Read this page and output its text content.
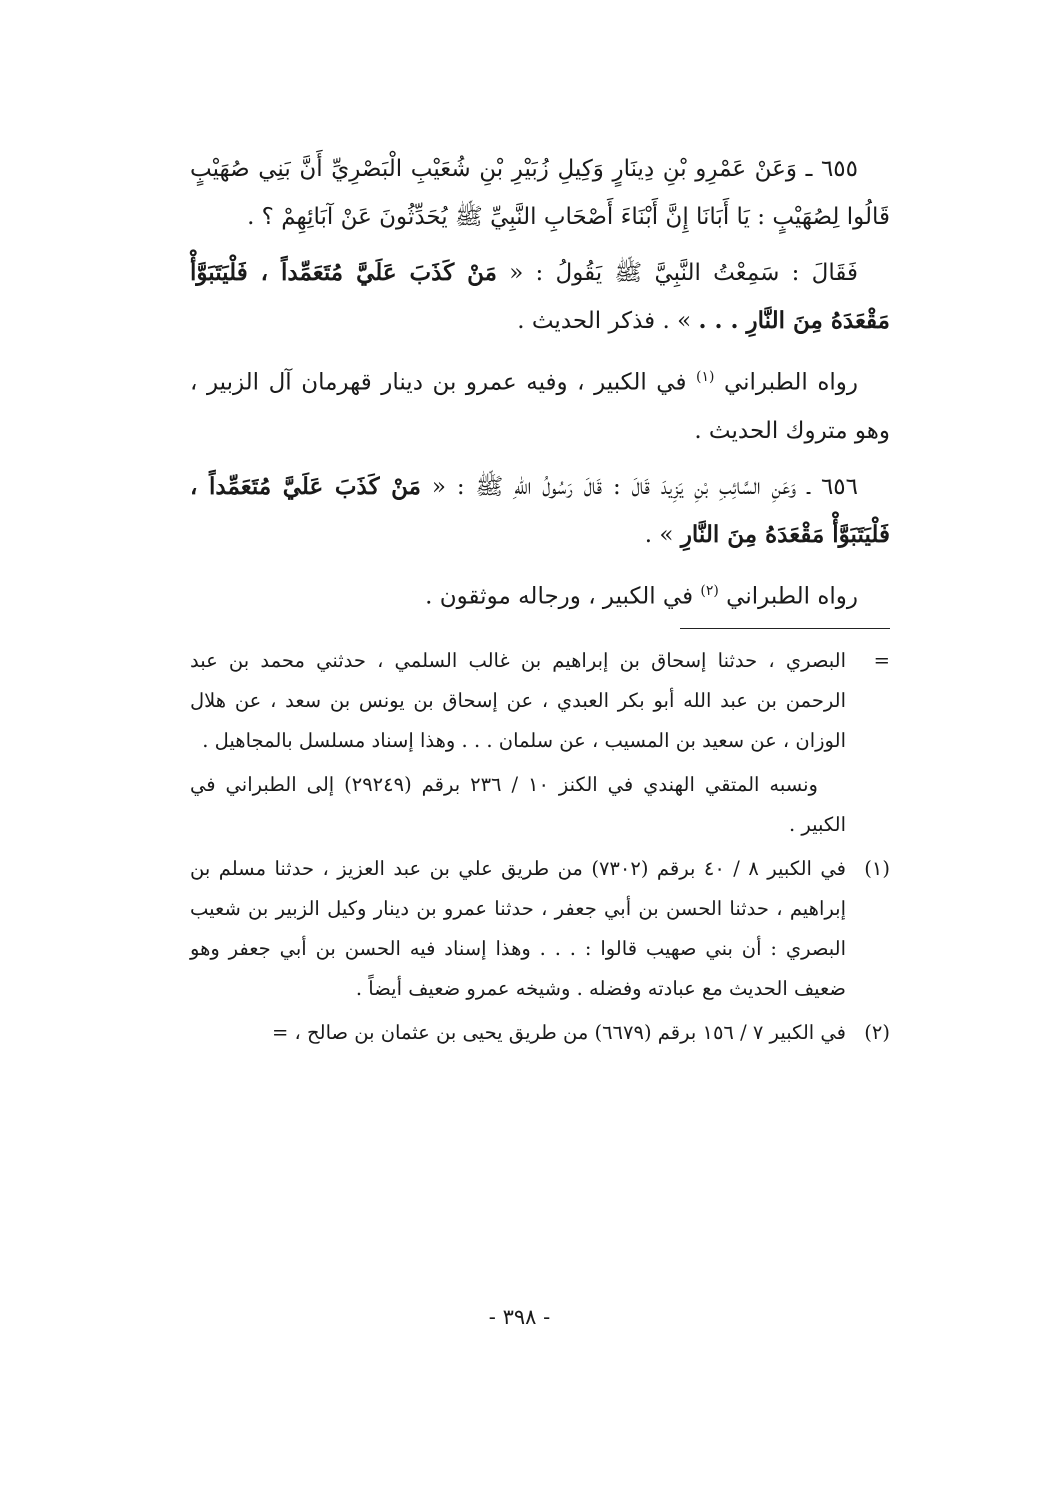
٦٥٥ ـ وَعَنْ عَمْرِو بْنِ دِينَارٍ وَكِيلِ زُبَيْرِ بْنِ شُعَيْبِ الْبَصْرِيِّ أَنَّ بَنِي صُهَيْبٍ قَالُوا لِصُهَيْبٍ : يَا أَبَانَا إِنَّ أَبْنَاءَ أَصْحَابِ النَّبِيِّ ﷺ يُحَدِّثُونَ عَنْ آبَائِهِمْ ؟ .

فَقَالَ : سَمِعْتُ النَّبِيَّ ﷺ يَقُولُ : « مَنْ كَذَبَ عَلَيَّ مُتَعَمِّداً ، فَلْيَتَبَوَّأْ مَقْعَدَهُ مِنَ النَّارِ . . . » . فذكر الحديث .

رواه الطبراني $^{(١)}$ في الكبير ، وفيه عمرو بن دينار قهرمان آل الزبير ، وهو متروك الحديث .

٦٥٦ ـ وَعَنِ السَّائِبِ بْنِ يَزِيدَ قَالَ : قَالَ رَسُولُ اللهِ ﷺ : « مَنْ كَذَبَ عَلَيَّ مُتَعَمِّداً ، فَلْيَتَبَوَّأْ مَقْعَدَهُ مِنَ النَّارِ » .

رواه الطبراني $^{(٢)}$ في الكبير ، ورجاله موثقون .

=البصري ، حدثنا إسحاق بن إبراهيم بن غالب السلمي ، حدثني محمد بن عبد الرحمن بن عبد الله أبو بكر العبدي ، عن إسحاق بن يونس بن سعد ، عن هلال الوزان ، عن سعيد بن المسيب ، عن سلمان . . . وهذا إسناد مسلسل بالمجاهيل .

ونسبه المتقي الهندي في الكنز ١٠ / ٢٣٦ برقم (٢٩٢٤٩) إلى الطبراني في الكبير .

(١)في الكبير ٨ / ٤٠ برقم (٧٣٠٢) من طريق علي بن عبد العزيز ، حدثنا مسلم بن إبراهيم ، حدثنا الحسن بن أبي جعفر ، حدثنا عمرو بن دينار وكيل الزبير بن شعيب البصري : أن بني صهيب قالوا : . . . وهذا إسناد فيه الحسن بن أبي جعفر وهو ضعيف الحديث مع عبادته وفضله . وشيخه عمرو ضعيف أيضاً .

(٢)في الكبير ٧ / ١٥٦ برقم (٦٦٧٩) من طريق يحيى بن عثمان بن صالح ، =

- ٣٩٨ -
